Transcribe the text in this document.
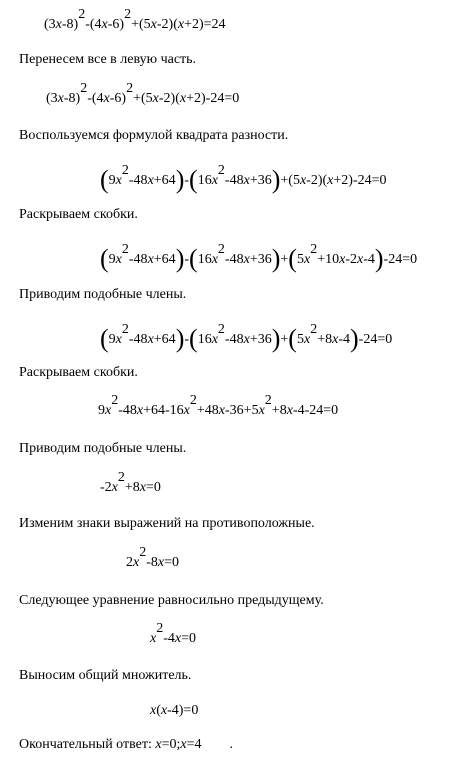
$(3x-8)^2-(4x-6)^2+(5x-2)(x+2)=24$
Перенесем все в левую часть.
$(3x-8)^2-(4x-6)^2+(5x-2)(x+2)-24=0$
Воспользуемся формулой квадрата разности.
$(9x^2-48x+64)-(16x^2-48x+36)+(5x-2)(x+2)-24=0$
Раскрываем скобки.
$(9x^2-48x+64)-(16x^2-48x+36)+(5x^2+10x-2x-4)-24=0$
Приводим подобные члены.
$(9x^2-48x+64)-(16x^2-48x+36)+(5x^2+8x-4)-24=0$
Раскрываем скобки.
$9x^2-48x+64-16x^2+48x-36+5x^2+8x-4-24=0$
Приводим подобные члены.
$-2x^2+8x=0$
Изменим знаки выражений на противоположные.
$2x^2-8x=0$
Следующее уравнение равносильно предыдущему.
$x^2-4x=0$
Выносим общий множитель.
x(x-4)=0
Окончательный ответ: x=0;x=4        .
